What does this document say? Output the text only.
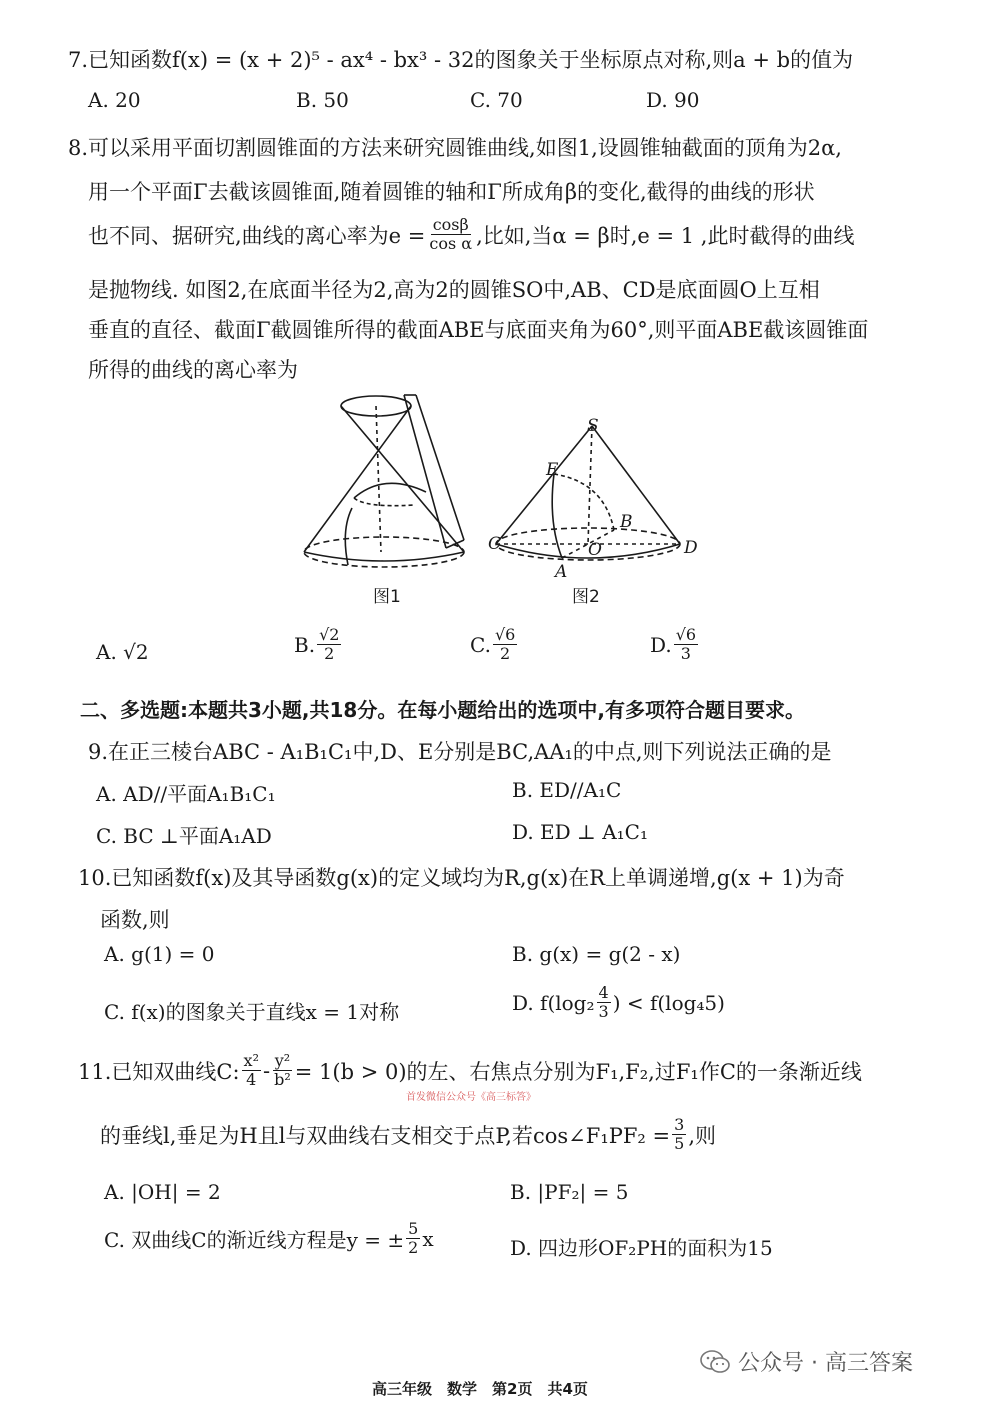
7.已知函数f(x) = (x + 2)⁵ - ax⁴ - bx³ - 32的图象关于坐标原点对称,则a + b的值为
A. 20	B. 50	C. 70	D. 90
8.可以采用平面切割圆锥面的方法来研究圆锥曲线,如图1,设圆锥轴截面的顶角为2α,
用一个平面Γ去截该圆锥面,随着圆锥的轴和Γ所成角β的变化,截得的曲线的形状
也不同、据研究,曲线的离心率为$e = \frac{\cos\beta}{\text{cos α}}$ ,比如,当α = β时,e = 1 ,此时截得的曲线
是抛物线. 如图2,在底面半径为2,高为2的圆锥SO中,AB、CD是底面圆O上互相
垂直的直径、截面Γ截圆锥所得的截面ABE与底面夹角为60°,则平面ABE截该圆锥面
所得的曲线的离心率为
图1
S
E
B
C	O	D
A
图2
A. √2	B. $\frac{√2}{2}$	C. $\frac{√6}{2}$	D. $\frac{√6}{3}$
二、多选题:本题共3小题,共18分。在每小题给出的选项中,有多项符合题目要求。
9.在正三棱台ABC - A₁B₁C₁中,D、E分别是BC,AA₁的中点,则下列说法正确的是
A. AD//平面A₁B₁C₁	B. ED//A₁C
C. BC ⊥平面A₁AD	D. ED ⊥ A₁C₁
10.已知函数f(x)及其导函数g(x)的定义域均为R,g(x)在R上单调递增,g(x + 1)为奇
函数,则
A. g(1) = 0	B. g(x) = g(2 - x)
C. f(x)的图象关于直线x = 1对称	D. $f(\log_2 \frac{4}{3}$ ) < f(log₄5)
11.已知双曲线C: $\frac{\text{x²}}{4} - \frac{\text{y²}}{\text{b²}} = 1(b > 0)$的左、右焦点分别为F₁,F₂,过F₁作C的一条渐近线
首发微信公众号《高三标答》
的垂线l,垂足为H且l与双曲线右支相交于点P,若cos∠F₁PF₂ = $\frac{3}{5}$ ,则
A. |OH| = 2	B. |PF₂| = 5
C. 双曲线C的渐近线方程是y = ± $\frac{5}{2}$ x	D. 四边形OF₂PH的面积为15
公众号 · 高三答案
高三年级　数学　第2页　共4页
